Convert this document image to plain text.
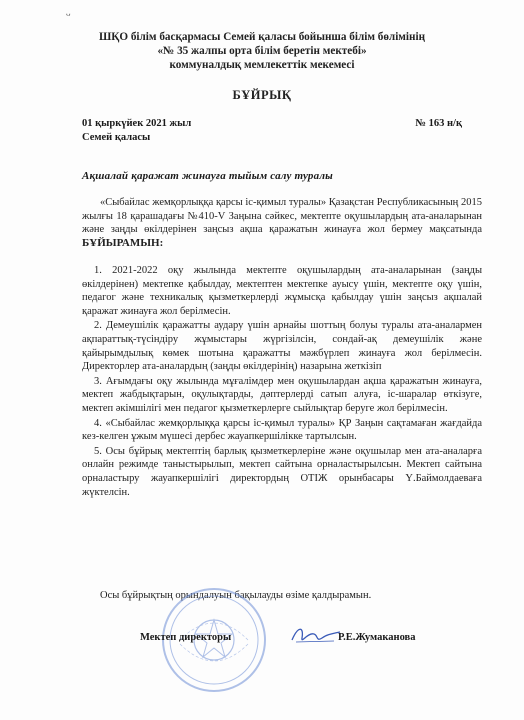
ᴗ
ШҚО білім басқармасы Семей қаласы бойынша білім бөлімінің
«№ 35 жалпы орта білім беретін мектебі»
коммуналдық мемлекеттік мекемесі
БҰЙРЫҚ
01 қыркүйек 2021 жыл	№ 163 н/қ
Семей қаласы
Ақшалай қаражат жинауға тыйым салу туралы
«Сыбайлас жемқорлыққа қарсы іс-қимыл туралы» Қазақстан Республикасының 2015 жылғы 18 қарашадағы №410-V Заңына сәйкес, мектепте оқушылардың ата-аналарынан және заңды өкілдерінен заңсыз ақша қаражатын жинауға жол бермеу мақсатында БҰЙЫРАМЫН:

1. 2021-2022 оқу жылында мектепте оқушылардың ата-аналарынан (заңды өкілдерінен) мектепке қабылдау, мектептен мектепке ауысу үшін, мектепте оқу үшін, педагог және техникалық қызметкерлерді жұмысқа қабылдау үшін заңсыз ақшалай қаражат жинауға жол берілмесін.

2. Демеушілік қаражатты аудару үшін арнайы шоттың болуы туралы ата-аналармен ақпараттық-түсіндіру жұмыстары жүргізілсін, сондай-ақ демеушілік және қайырымдылық көмек шотына қаражатты мәжбүрлеп жинауға жол берілмесін. Директорлер ата-аналардың (заңды өкілдерінің) назарына жеткізіп

3. Ағымдағы оқу жылында мұғалімдер мен оқушылардан ақша қаражатын жинауға, мектеп жабдықтарын, оқулықтарды, дәптерлерді сатып алуға, іс-шаралар өткізуге, мектеп әкімшілігі мен педагог қызметкерлерге сыйлықтар беруге жол берілмесін.

4. «Сыбайлас жемқорлыққа қарсы іс-қимыл туралы» ҚР Заңын сақтамаған жағдайда кез-келген ұжым мүшесі дербес жауапкершілікке тартылсын.

5. Осы бұйрық мектептің барлық қызметкерлеріне және оқушылар мен ата-аналарға онлайн режимде таныстырылып, мектеп сайтына орналастырылсын. Мектеп сайтына орналастыру жауапкершілігі директордың ОТІЖ орынбасары Ү.Баймолдаеваға жүктелсін.

Осы бұйрықтың орындалуын бақылауды өзіме қалдырамын.
Мектеп директоры	Р.Е.Жумаканова
